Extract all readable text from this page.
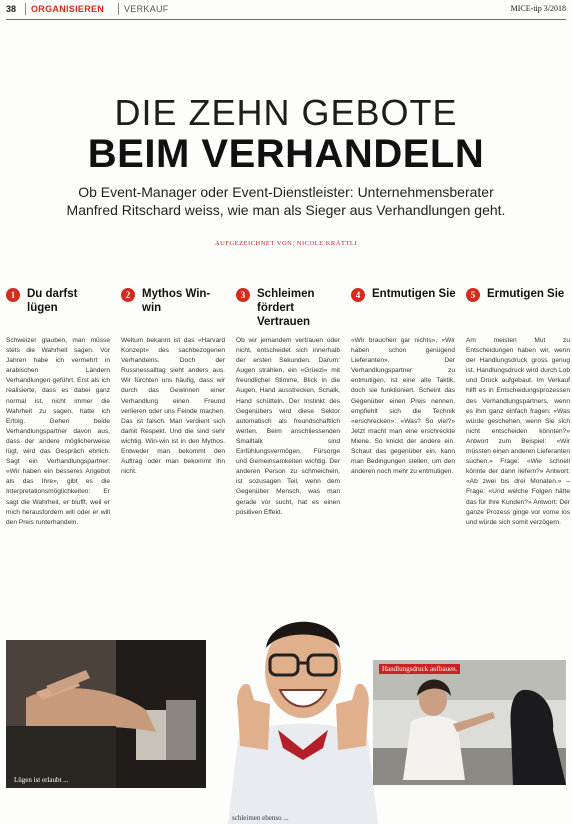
38 ORGANISIEREN VERKAUF	MICE-tip 3/2018
DIE ZEHN GEBOTE
BEIM VERHANDELN
Ob Event-Manager oder Event-Dienstleister: Unternehmensberater Manfred Ritschard weiss, wie man als Sieger aus Verhandlungen geht.
AUFGEZEICHNET VON: NICOLE KRÄTTLI
1	Du darfst lügen
Schweizer glauben, man müsse stets die Wahrheit sagen. Vor Jahren habe ich vermehrt in arabischen Ländern Verhandlungen geführt. Erst als ich realisierte, dass es dabei ganz normal ist, nicht immer die Wahrheit zu sagen, hatte ich Erfolg. Gehen beide Verhandlungspartner davon aus, dass der andere möglicherweise lügt, wird das Gespräch ehrlich. Sagt ein Verhandlungspartner: «Wir haben ein besseres Angebot als das Ihre», gibt es die Interpretationsmöglichkeiten: Er sagt die Wahrheit, er blufft, weil er mich herausfordern will oder er will den Preis runterhandeln.
2	Mythos Win-win
Weltum bekannt ist das «Harvard Konzept» des sachbezogenen Verhandelns. Doch der Russnessalltag sieht anders aus. Wir fürchten uns häufig, dass wir durch das Gewinnen einer Verhandlung einen Freund verlieren oder uns Feinde machen. Das ist falsch. Man verdient sich damit Respekt. Und die sind sehr wichtig. Win-win ist in den Mythos. Entweder man bekommt den Auftrag oder man bekommt ihn nicht.
3	Schleimen fördert Vertrauen
Ob wir jemandem vertrauen oder nicht, entscheidet sich innerhalb der ersten Sekunden. Darum: Augen strahlen, ein «Grüezi» mit freundlicher Stimme, Blick in die Augen, Hand ausstrecken, Schalk, Hand schütteln. Der Instinkt des Gegenübers wird diese Sektor automatisch als freundschaftlich werten. Beim anschliessenden Smalltalk sind Einfühlungsvermögen, Fürsorge und Gemeinsamkeiten wichtig. Der anderen Person zu schmeicheln, ist sozusagen Teil, wenn dem Gegenüber Mensch, was man gerade vor sucht, hat es einen positiven Effekt.
4	Entmutigen Sie
«Wir brauchen gar nichts», «Wir haben schon genügend Lieferanten». Der Verhandlungspartner zu entmutigen, ist eine alte Taktik, doch sie funktioniert. Scheint das Gegenüber einen Preis nennen, empfiehlt sich die Technik «erschrecken»: «Was? So viel?» Jetzt macht man eine erschreckte Miene. So knickt der andere ein. Schaut das gegenüber ein, kann man Bedingungen stellen, um den anderen noch mehr zu entmutigen.
5	Ermutigen Sie
Am meisten Mut zu Entscheidungen haben wir, wenn der Handlungsdruck gross genug ist. Handlungsdruck wird durch Lob und Druck aufgebaut. Im Verkauf hilft es in Entscheidungsprozessen des Verhandlungspartners, wenn es ihm ganz einfach fragen: «Was würde geschehen, wenn Sie sich nicht entscheiden könnten?» Antwort zum Beispiel: «Wir müssten einen anderen Lieferanten suchen.» Frage: «Wie schnell könnte der dann liefern?» Antwort: «Ab zwei bis drei Monaten.» – Frage: «Und welche Folgen hätte das für Ihre Kunden?» Antwort: Der ganze Prozess ginge vor vorne los und würde sich somit verzögern.
Lügen ist erlaubt ...
schleimen ebenso ...
Handlungsdruck aufbauen.
